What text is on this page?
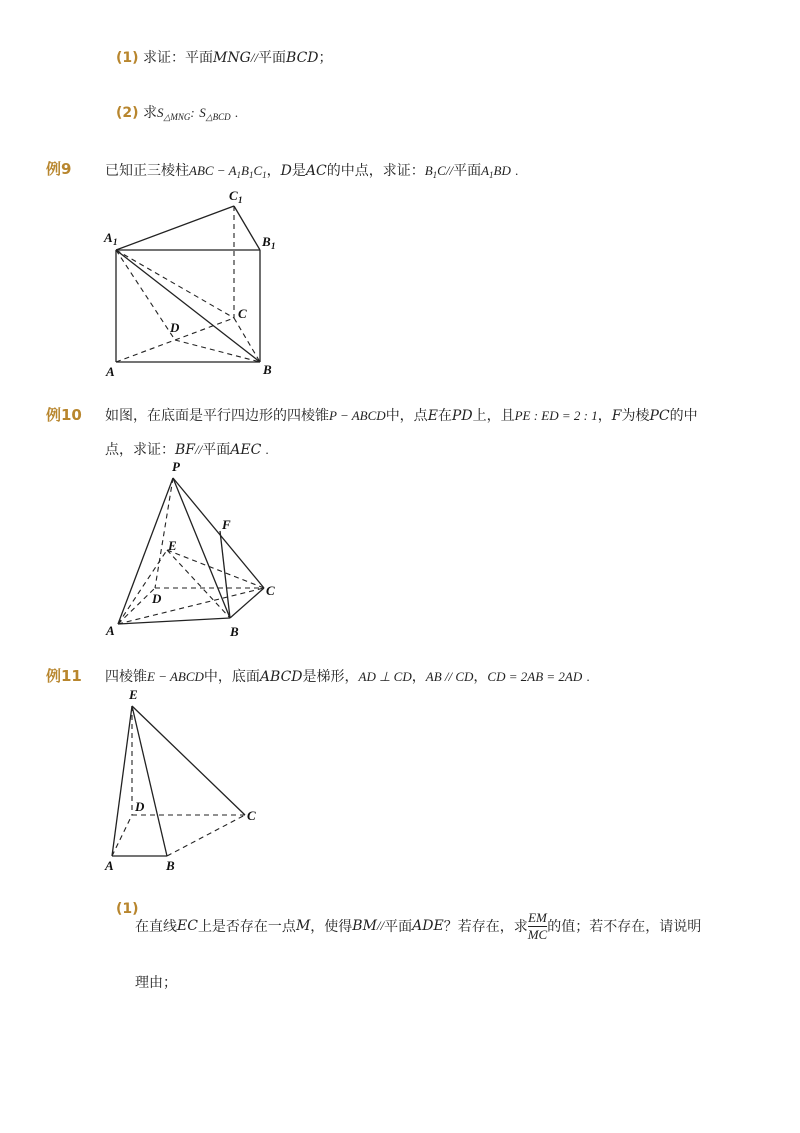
(1) 求证：平面MNG//平面BCD；
(2) 求$S_{\triangle MNG}$: $S_{\triangle BCD}$ .
例9 已知正三棱柱ABC − $A_1B_1C_1$，D是AC的中点，求证：$B_1C//$平面$A_1BD$ .
C 1
A 1	B 1
D
C
A	B
例10 如图，在底面是平行四边形的四棱锥P − ABCD中，点E在PD上，且PE : ED = 2 : 1，F为棱PC的中
点，求证：BF//平面AEC .
P
F
E
D
C
A	B
例11 四棱锥E − ABCD中，底面ABCD是梯形，AD ⊥ CD，AB // CD，CD = 2AB = 2AD .
E
D
C
A	B
(1)
在直线 EC 上是否存在一点 M ，使得 BM // 平面 ADE ？若存在，求 $\frac{EM}{MC}$ 的值；若不存在，请说明
理由；
